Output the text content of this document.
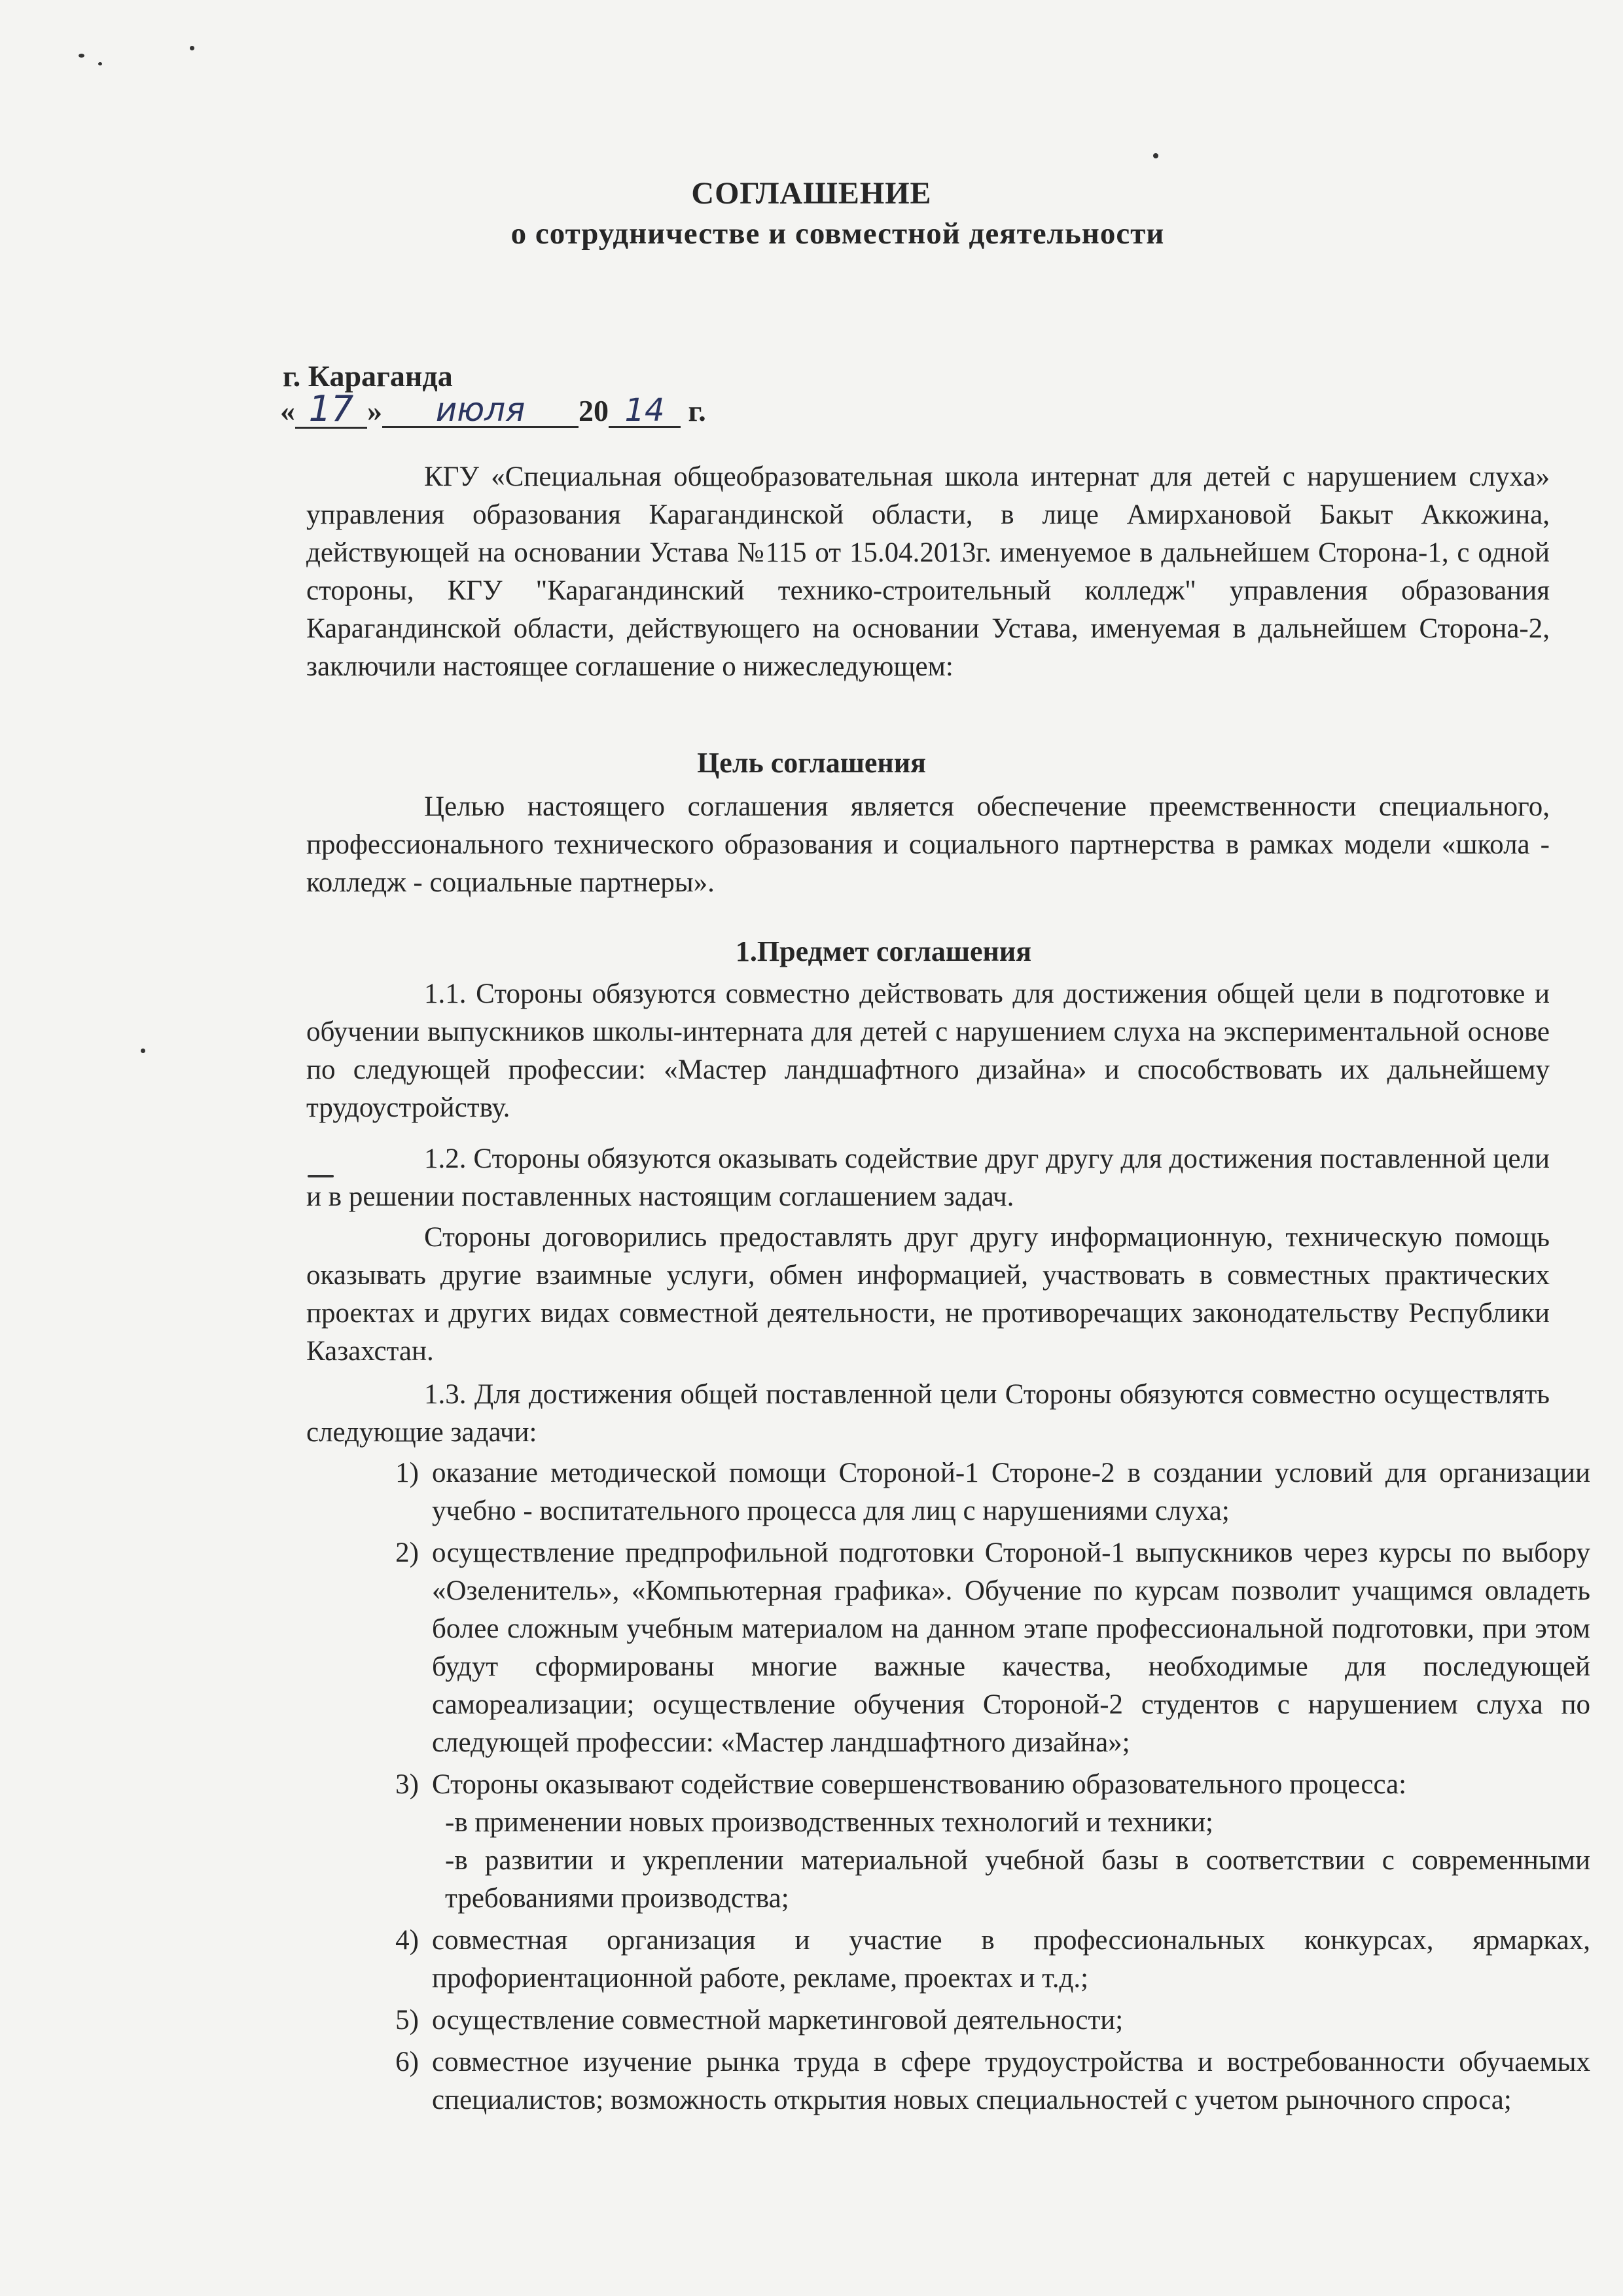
СОГЛАШЕНИЕ
о сотрудничестве и совместной деятельности
г. Караганда
« 17 » июля 20 14 г.
КГУ «Специальная общеобразовательная школа интернат для детей с нарушением слуха» управления образования Карагандинской области, в лице Амирхановой Бакыт Аккожина, действующей на основании Устава №115 от 15.04.2013г. именуемое в дальнейшем Сторона-1, с одной стороны, КГУ "Карагандинский технико-строительный колледж" управления образования Карагандинской области, действующего на основании Устава, именуемая в дальнейшем Сторона-2, заключили настоящее соглашение о нижеследующем:
Цель соглашения
Целью настоящего соглашения является обеспечение преемственности специального, профессионального технического образования и социального партнерства в рамках модели «школа - колледж - социальные партнеры».
1.Предмет соглашения
1.1. Стороны обязуются совместно действовать для достижения общей цели в подготовке и обучении выпускников школы-интерната для детей с нарушением слуха на экспериментальной основе по следующей профессии: «Мастер ландшафтного дизайна» и способствовать их дальнейшему трудоустройству.
1.2. Стороны обязуются оказывать содействие друг другу для достижения поставленной цели и в решении поставленных настоящим соглашением задач.
Стороны договорились предоставлять друг другу информационную, техническую помощь оказывать другие взаимные услуги, обмен информацией, участвовать в совместных практических проектах и других видах совместной деятельности, не противоречащих законодательству Республики Казахстан.
1.3. Для достижения общей поставленной цели Стороны обязуются совместно осуществлять следующие задачи:
1) оказание методической помощи Стороной-1 Стороне-2 в создании условий для организации учебно - воспитательного процесса для лиц с нарушениями слуха;
2) осуществление предпрофильной подготовки Стороной-1 выпускников через курсы по выбору «Озеленитель», «Компьютерная графика». Обучение по курсам позволит учащимся овладеть более сложным учебным материалом на данном этапе профессиональной подготовки, при этом будут сформированы многие важные качества, необходимые для последующей самореализации; осуществление обучения Стороной-2 студентов с нарушением слуха по следующей профессии: «Мастер ландшафтного дизайна»;
3) Стороны оказывают содействие совершенствованию образовательного процесса:
-в применении новых производственных технологий и техники;
-в развитии и укреплении материальной учебной базы в соответствии с современными требованиями производства;
4) совместная организация и участие в профессиональных конкурсах, ярмарках, профориентационной работе, рекламе, проектах и т.д.;
5) осуществление совместной маркетинговой деятельности;
6) совместное изучение рынка труда в сфере трудоустройства и востребованности обучаемых специалистов; возможность открытия новых специальностей с учетом рыночного спроса;
